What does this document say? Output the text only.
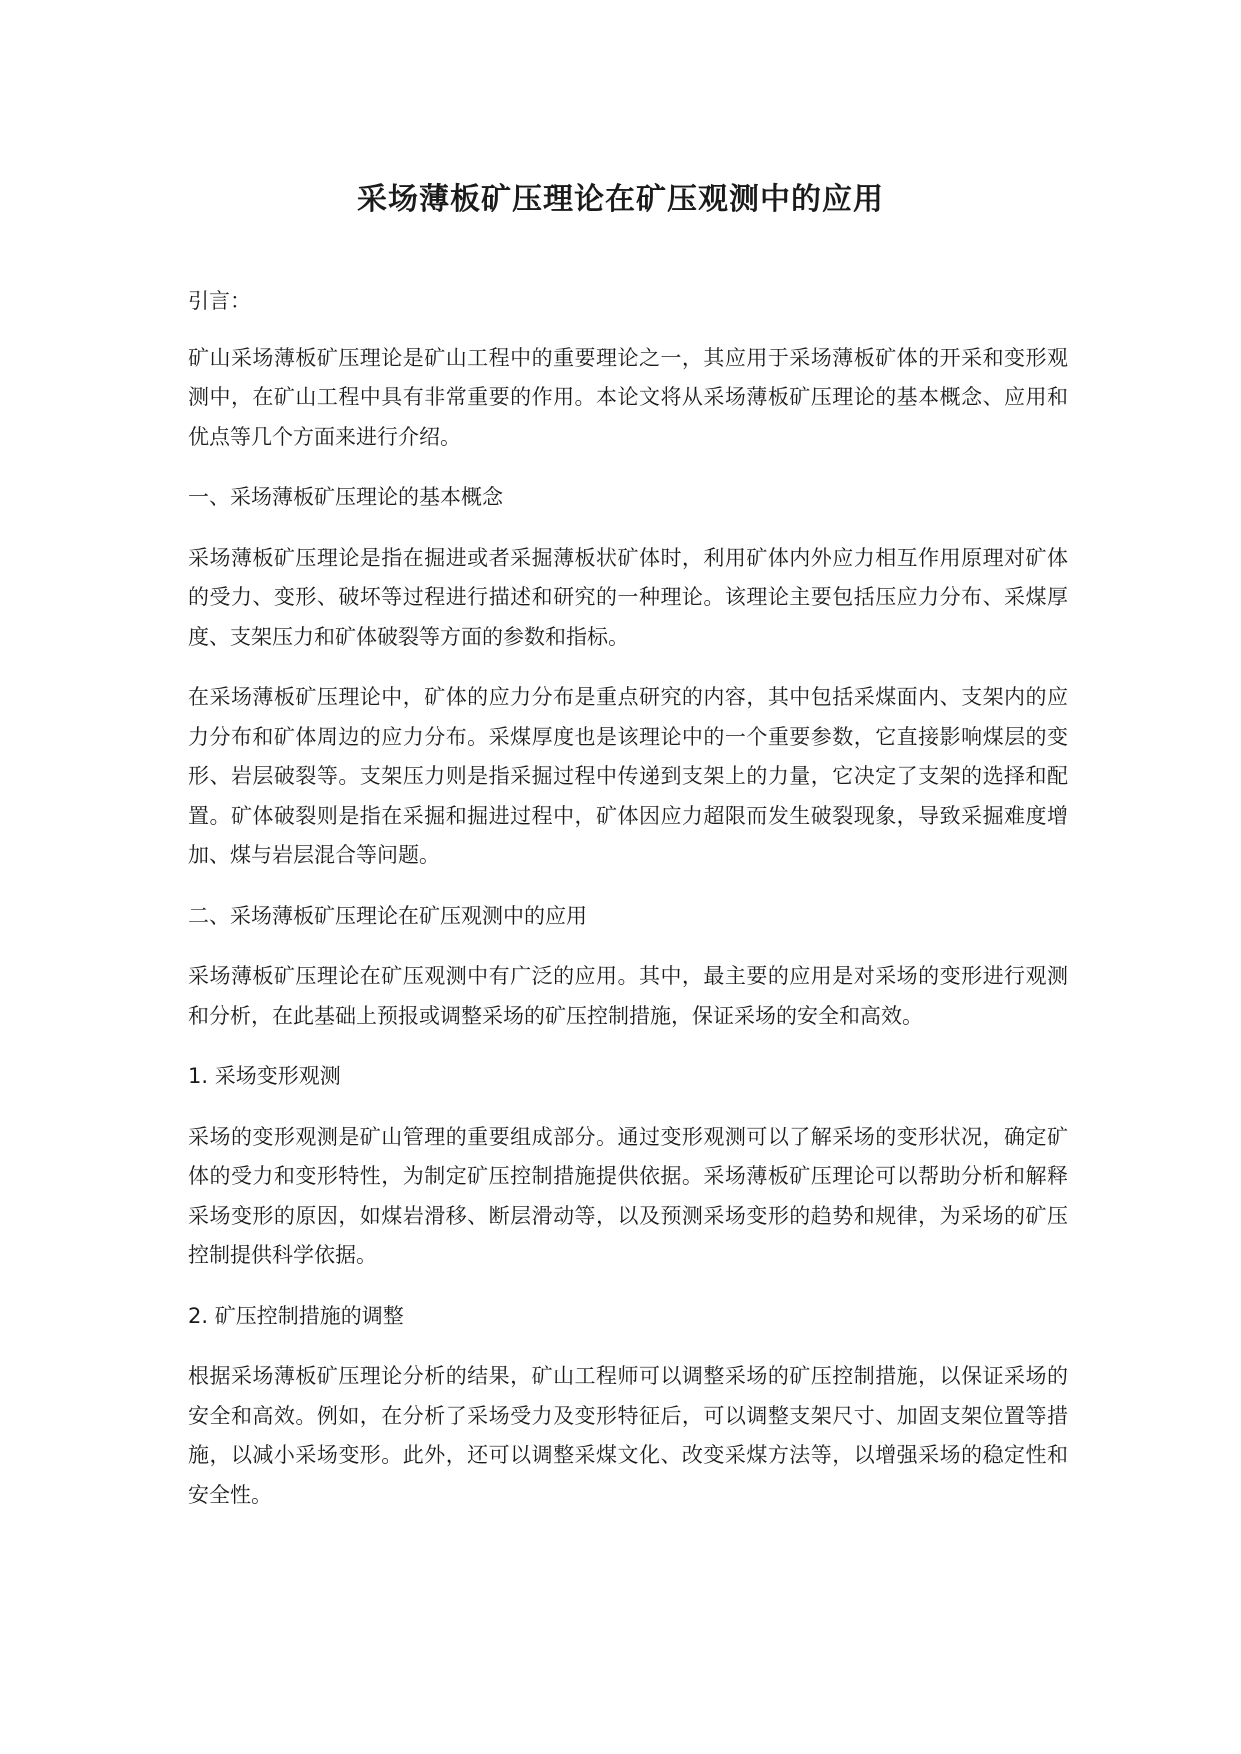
采场薄板矿压理论在矿压观测中的应用

引言：

矿山采场薄板矿压理论是矿山工程中的重要理论之一，其应用于采场薄板矿体的开采和变形观测中，在矿山工程中具有非常重要的作用。本论文将从采场薄板矿压理论的基本概念、应用和优点等几个方面来进行介绍。

一、采场薄板矿压理论的基本概念

采场薄板矿压理论是指在掘进或者采掘薄板状矿体时，利用矿体内外应力相互作用原理对矿体的受力、变形、破坏等过程进行描述和研究的一种理论。该理论主要包括压应力分布、采煤厚度、支架压力和矿体破裂等方面的参数和指标。

在采场薄板矿压理论中，矿体的应力分布是重点研究的内容，其中包括采煤面内、支架内的应力分布和矿体周边的应力分布。采煤厚度也是该理论中的一个重要参数，它直接影响煤层的变形、岩层破裂等。支架压力则是指采掘过程中传递到支架上的力量，它决定了支架的选择和配置。矿体破裂则是指在采掘和掘进过程中，矿体因应力超限而发生破裂现象，导致采掘难度增加、煤与岩层混合等问题。

二、采场薄板矿压理论在矿压观测中的应用

采场薄板矿压理论在矿压观测中有广泛的应用。其中，最主要的应用是对采场的变形进行观测和分析，在此基础上预报或调整采场的矿压控制措施，保证采场的安全和高效。

1. 采场变形观测

采场的变形观测是矿山管理的重要组成部分。通过变形观测可以了解采场的变形状况，确定矿体的受力和变形特性，为制定矿压控制措施提供依据。采场薄板矿压理论可以帮助分析和解释采场变形的原因，如煤岩滑移、断层滑动等，以及预测采场变形的趋势和规律，为采场的矿压控制提供科学依据。

2. 矿压控制措施的调整

根据采场薄板矿压理论分析的结果，矿山工程师可以调整采场的矿压控制措施，以保证采场的安全和高效。例如，在分析了采场受力及变形特征后，可以调整支架尺寸、加固支架位置等措施，以减小采场变形。此外，还可以调整采煤文化、改变采煤方法等，以增强采场的稳定性和安全性。
